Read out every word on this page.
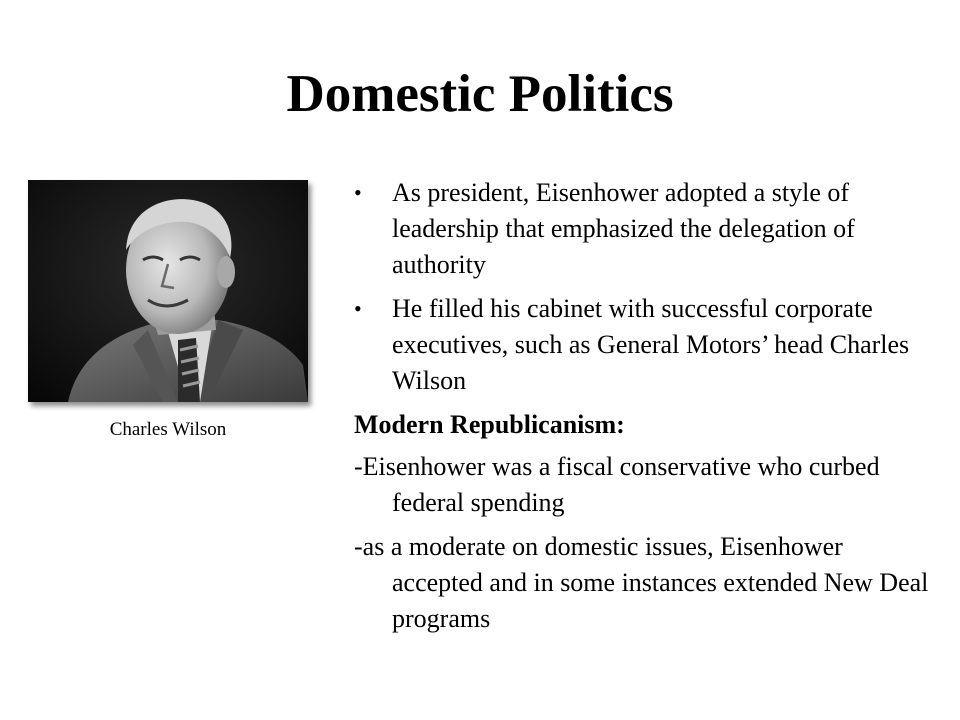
Domestic Politics
Charles Wilson
• As president, Eisenhower adopted a style of leadership that emphasized the delegation of authority
• He filled his cabinet with successful corporate executives, such as General Motors’ head Charles Wilson
Modern Republicanism:
-Eisenhower was a fiscal conservative who curbed federal spending
-as a moderate on domestic issues, Eisenhower accepted and in some instances extended New Deal programs
